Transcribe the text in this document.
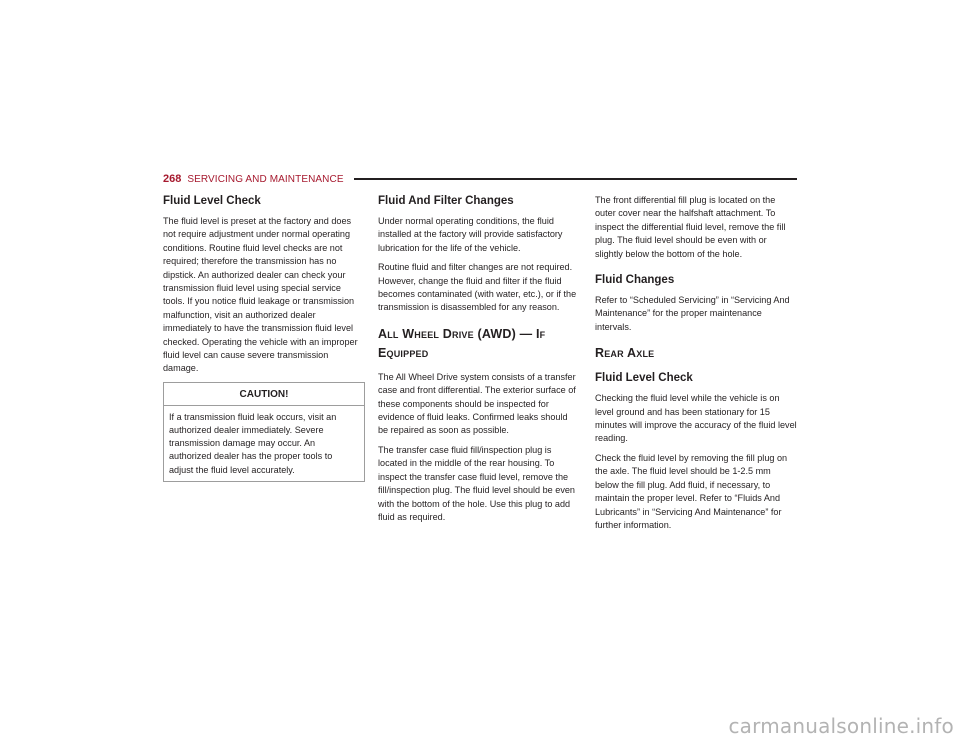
268 SERVICING AND MAINTENANCE
Fluid Level Check

The fluid level is preset at the factory and does not require adjustment under normal operating conditions. Routine fluid level checks are not required; therefore the transmission has no dipstick. An authorized dealer can check your transmission fluid level using special service tools. If you notice fluid leakage or transmission malfunction, visit an authorized dealer immediately to have the transmission fluid level checked. Operating the vehicle with an improper fluid level can cause severe transmission damage.

CAUTION!
If a transmission fluid leak occurs, visit an authorized dealer immediately. Severe transmission damage may occur. An authorized dealer has the proper tools to adjust the fluid level accurately.
Fluid And Filter Changes

Under normal operating conditions, the fluid installed at the factory will provide satisfactory lubrication for the life of the vehicle.

Routine fluid and filter changes are not required. However, change the fluid and filter if the fluid becomes contaminated (with water, etc.), or if the transmission is disassembled for any reason.

All Wheel Drive (AWD) — If Equipped

The All Wheel Drive system consists of a transfer case and front differential. The exterior surface of these components should be inspected for evidence of fluid leaks. Confirmed leaks should be repaired as soon as possible.

The transfer case fluid fill/inspection plug is located in the middle of the rear housing. To inspect the transfer case fluid level, remove the fill/inspection plug. The fluid level should be even with the bottom of the hole. Use this plug to add fluid as required.

The front differential fill plug is located on the outer cover near the halfshaft attachment. To inspect the differential fluid level, remove the fill plug. The fluid level should be even with or slightly below the bottom of the hole.

Fluid Changes

Refer to “Scheduled Servicing” in “Servicing And Maintenance” for the proper maintenance intervals.

Rear Axle
Fluid Level Check

Checking the fluid level while the vehicle is on level ground and has been stationary for 15 minutes will improve the accuracy of the fluid level reading.

Check the fluid level by removing the fill plug on the axle. The fluid level should be 1-2.5 mm below the fill plug. Add fluid, if necessary, to maintain the proper level. Refer to “Fluids And Lubricants” in “Servicing And Maintenance” for further information.

carmanualsonline.info
